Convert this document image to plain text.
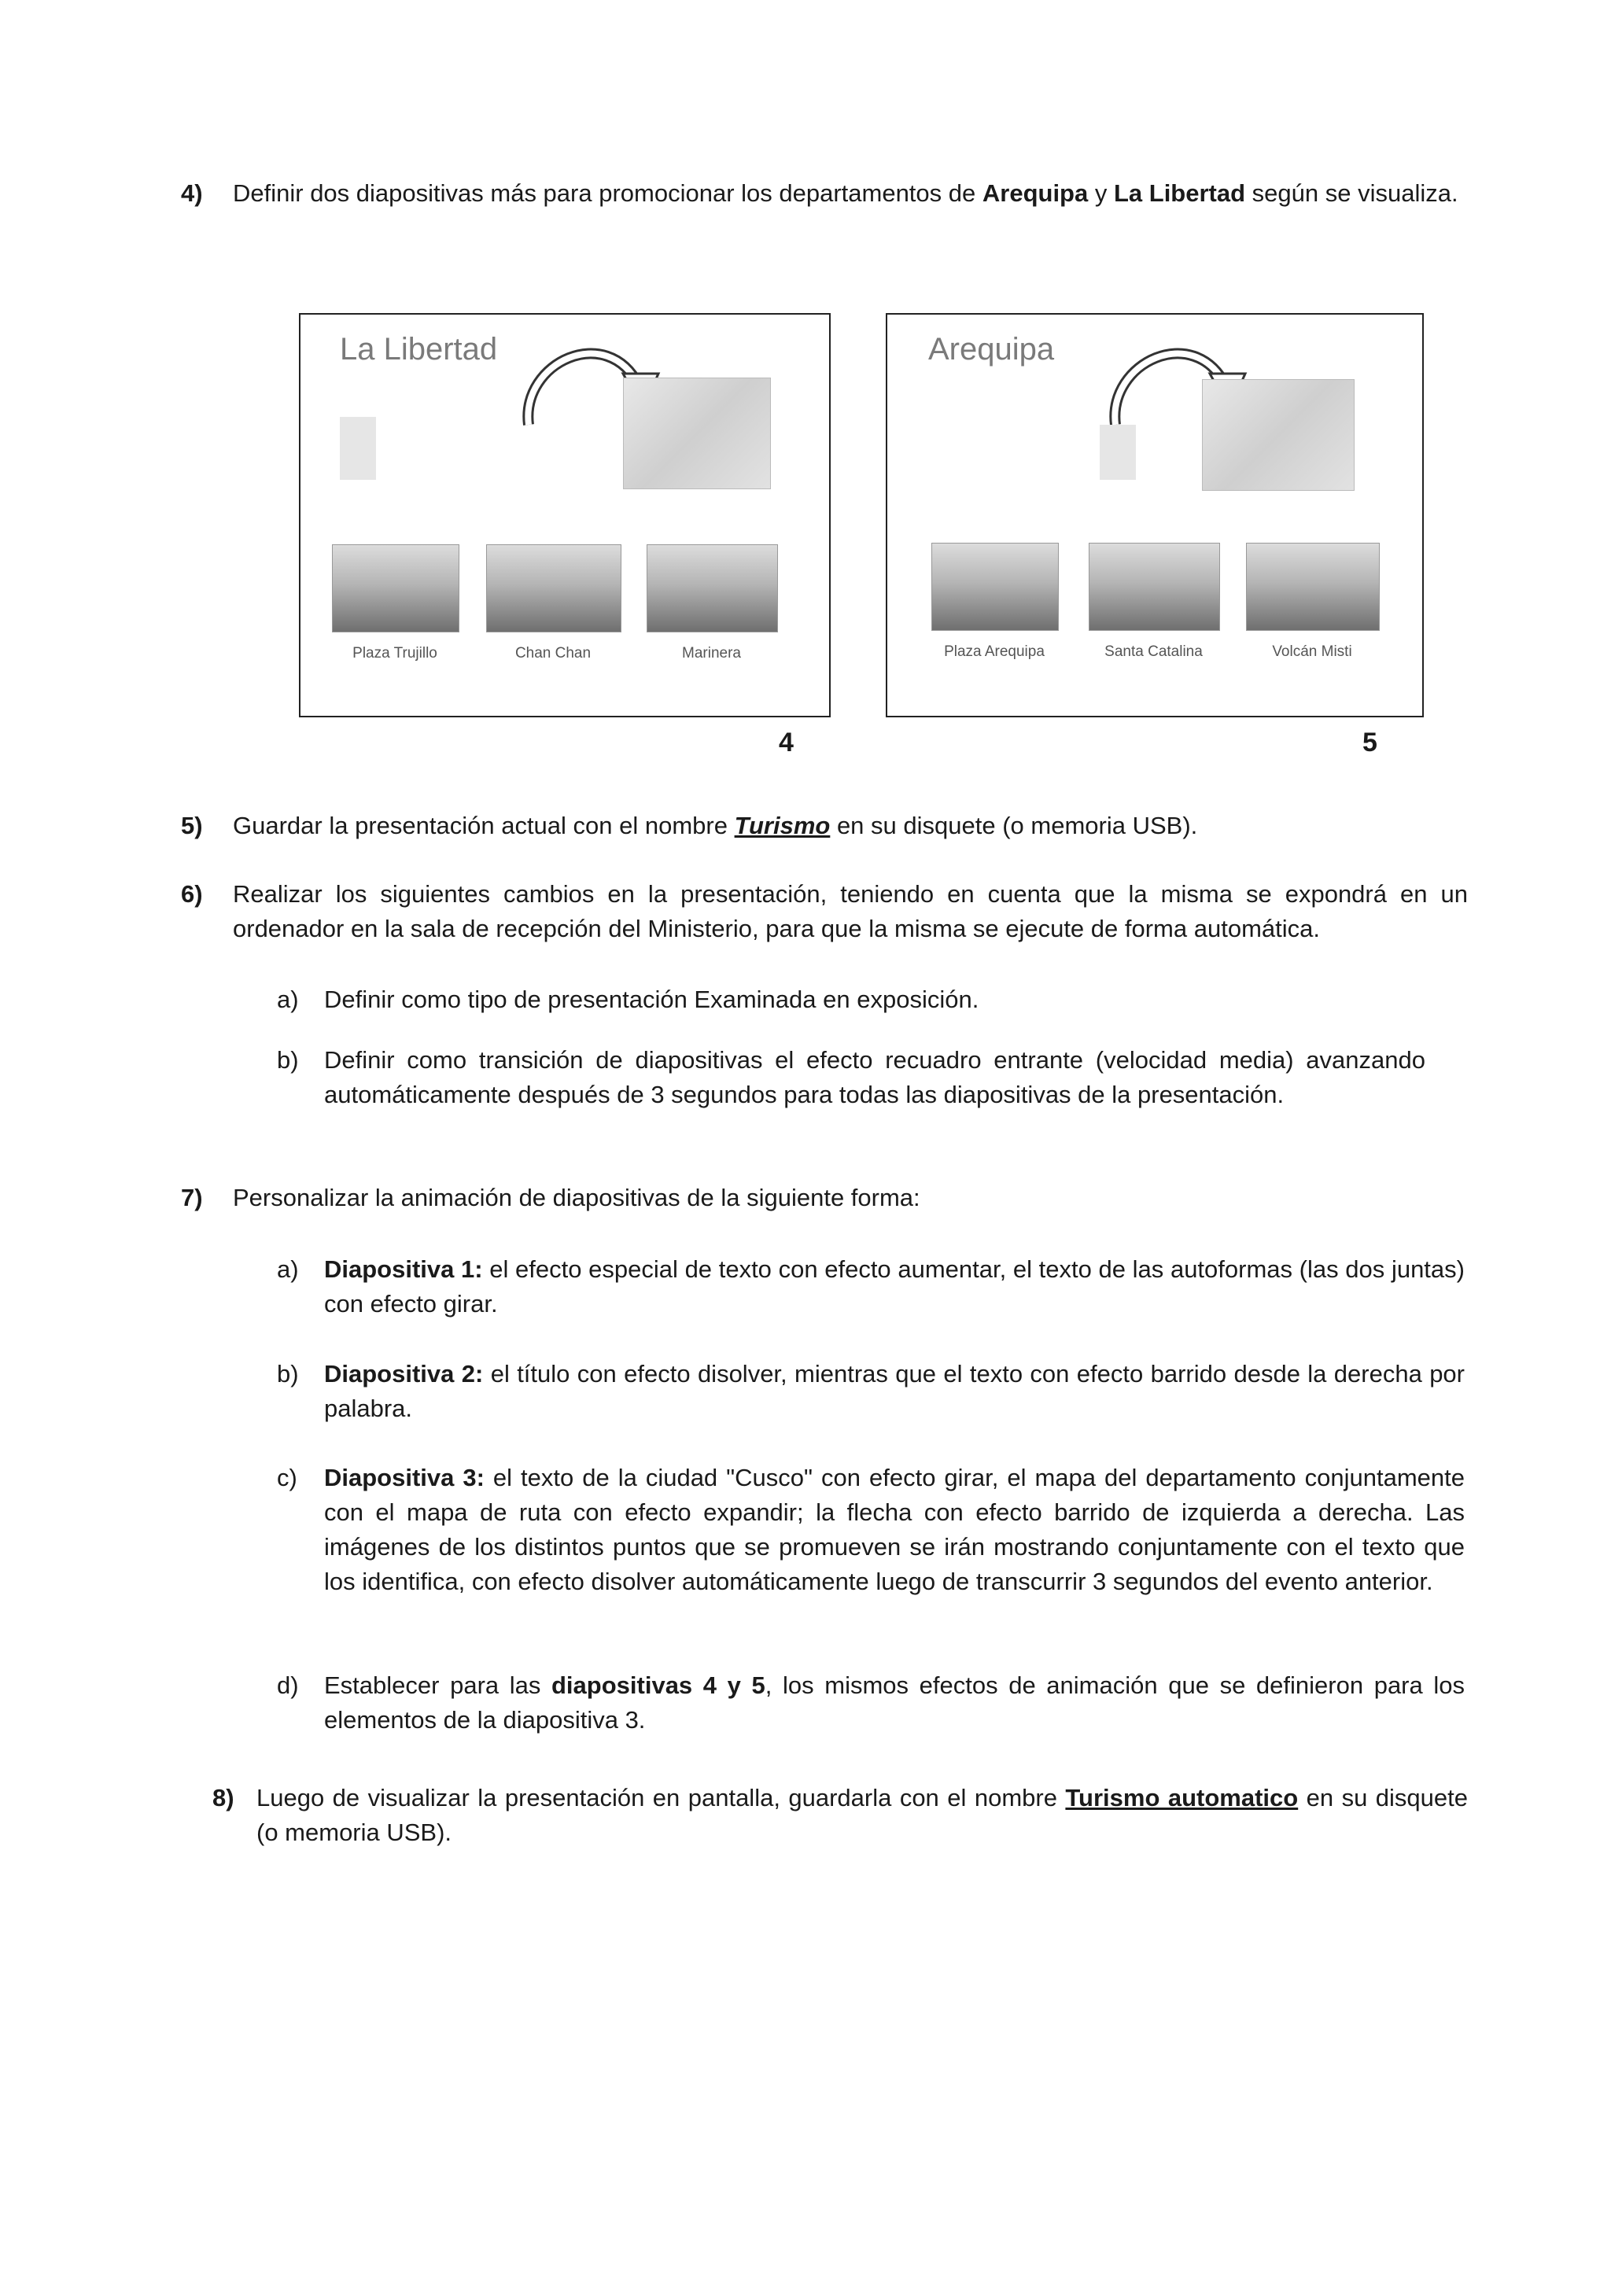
4) Definir dos diapositivas más para promocionar los departamentos de Arequipa y La Libertad según se visualiza.
La Libertad
Plaza Trujillo	Chan Chan	Marinera
4
Arequipa
Plaza Arequipa	Santa Catalina	Volcán Misti
5
5) Guardar la presentación actual con el nombre Turismo en su disquete (o memoria USB).
6) Realizar los siguientes cambios en la presentación, teniendo en cuenta que la misma se expondrá en un ordenador en la sala de recepción del Ministerio, para que la misma se ejecute de forma automática.
a) Definir como tipo de presentación Examinada en exposición.
b) Definir como transición de diapositivas el efecto recuadro entrante (velocidad media) avanzando automáticamente después de 3 segundos para todas las diapositivas de la presentación.
7) Personalizar la animación de diapositivas de la siguiente forma:
a) Diapositiva 1: el efecto especial de texto con efecto aumentar, el texto de las autoformas (las dos juntas) con efecto girar.
b) Diapositiva 2: el título con efecto disolver, mientras que el texto con efecto barrido desde la derecha por palabra.
c) Diapositiva 3: el texto de la ciudad "Cusco" con efecto girar, el mapa del departamento conjuntamente con el mapa de ruta con efecto expandir; la flecha con efecto barrido de izquierda a derecha. Las imágenes de los distintos puntos que se promueven se irán mostrando conjuntamente con el texto que los identifica, con efecto disolver automáticamente luego de transcurrir 3 segundos del evento anterior.
d) Establecer para las diapositivas 4 y 5, los mismos efectos de animación que se definieron para los elementos de la diapositiva 3.
8) Luego de visualizar la presentación en pantalla, guardarla con el nombre Turismo automatico en su disquete (o memoria USB).
